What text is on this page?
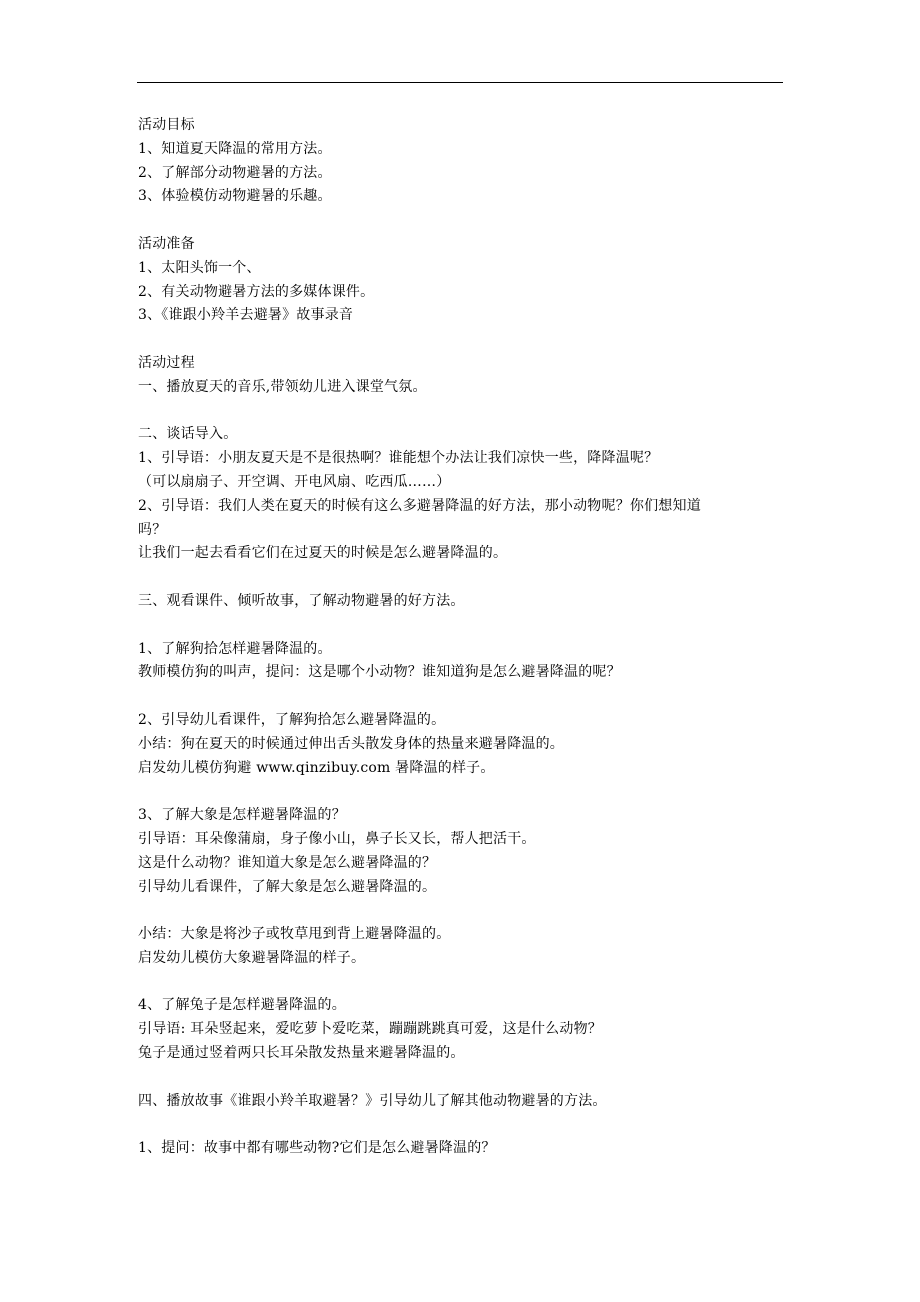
活动目标
1、知道夏天降温的常用方法。
2、了解部分动物避暑的方法。
3、体验模仿动物避暑的乐趣。
活动准备
1、太阳头饰一个、
2、有关动物避暑方法的多媒体课件。
3、《谁跟小羚羊去避暑》故事录音
活动过程
一、播放夏天的音乐,带领幼儿进入课堂气氛。
二、谈话导入。
1、引导语：小朋友夏天是不是很热啊？谁能想个办法让我们凉快一些，降降温呢？
（可以扇扇子、开空调、开电风扇、吃西瓜……）
2、引导语：我们人类在夏天的时候有这么多避暑降温的好方法，那小动物呢？你们想知道
吗？
让我们一起去看看它们在过夏天的时候是怎么避暑降温的。
三、观看课件、倾听故事，了解动物避暑的好方法。
1、了解狗拾怎样避暑降温的。
教师模仿狗的叫声，提问：这是哪个小动物？谁知道狗是怎么避暑降温的呢？
2、引导幼儿看课件，了解狗拾怎么避暑降温的。
小结：狗在夏天的时候通过伸出舌头散发身体的热量来避暑降温的。
启发幼儿模仿狗避 www.qinzibuy.com 暑降温的样子。
3、了解大象是怎样避暑降温的？
引导语：耳朵像蒲扇，身子像小山，鼻子长又长，帮人把活干。
这是什么动物？谁知道大象是怎么避暑降温的？
引导幼儿看课件，了解大象是怎么避暑降温的。
小结：大象是将沙子或牧草甩到背上避暑降温的。
启发幼儿模仿大象避暑降温的样子。
4、了解兔子是怎样避暑降温的。
引导语: 耳朵竖起来，爱吃萝卜爱吃菜，蹦蹦跳跳真可爱，这是什么动物？
兔子是通过竖着两只长耳朵散发热量来避暑降温的。
四、播放故事《谁跟小羚羊取避暑？》引导幼儿了解其他动物避暑的方法。
1、提问：故事中都有哪些动物?它们是怎么避暑降温的？
